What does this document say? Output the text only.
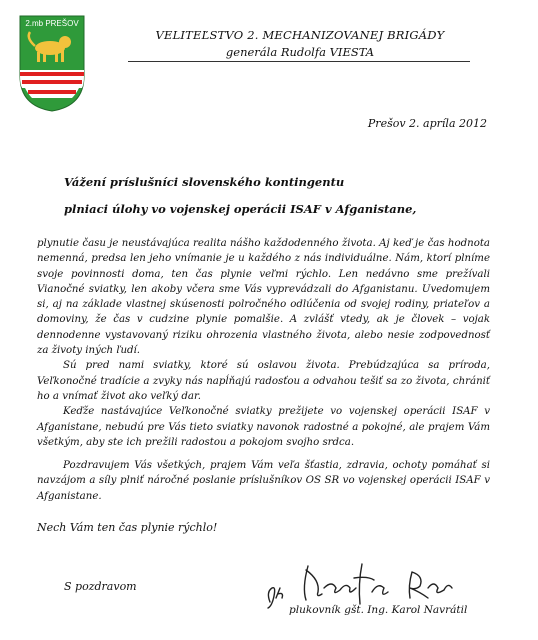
2.mb PREŠOV
VELITEĽSTVO 2. MECHANIZOVANEJ BRIGÁDY
generála Rudolfa VIESTA
Prešov 2. apríla 2012
Vážení príslušníci slovenského kontingentu
plniaci úlohy vo vojenskej operácii ISAF v Afganistane,

plynutie času je neustávajúca realita nášho každodenného života. Aj keď je čas hodnota nemenná, predsa len jeho vnímanie je u každého z nás individuálne. Nám, ktorí plníme svoje povinnosti doma, ten čas plynie veľmi rýchlo. Len nedávno sme prežívali Vianočné sviatky, len akoby včera sme Vás vyprevádzali do Afganistanu. Uvedomujem si, aj na základe vlastnej skúsenosti polročného odlúčenia od svojej rodiny, priateľov a domoviny, že čas v cudzine plynie pomalšie. A zvlášť vtedy, ak je človek – vojak dennodenne vystavovaný riziku ohrozenia vlastného života, alebo nesie zodpovednosť za životy iných ľudí.

Sú pred nami sviatky, ktoré sú oslavou života. Prebúdzajúca sa príroda, Veľkonočné tradície a zvyky nás napĺňajú radosťou a odvahou tešiť sa zo života, chrániť ho a vnímať život ako veľký dar.

Keďže nastávajúce Veľkonočné sviatky prežijete vo vojenskej operácii ISAF v Afganistane, nebudú pre Vás tieto sviatky navonok radostné a pokojné, ale prajem Vám všetkým, aby ste ich prežili radostou a pokojom svojho srdca.

Pozdravujem Vás všetkých, prajem Vám veľa šťastia, zdravia, ochoty pomáhať si navzájom a síly plniť náročné poslanie príslušníkov OS SR vo vojenskej operácii ISAF v Afganistane.

Nech Vám ten čas plynie rýchlo!
S pozdravom
plukovník gšt. Ing. Karol Navrátil
